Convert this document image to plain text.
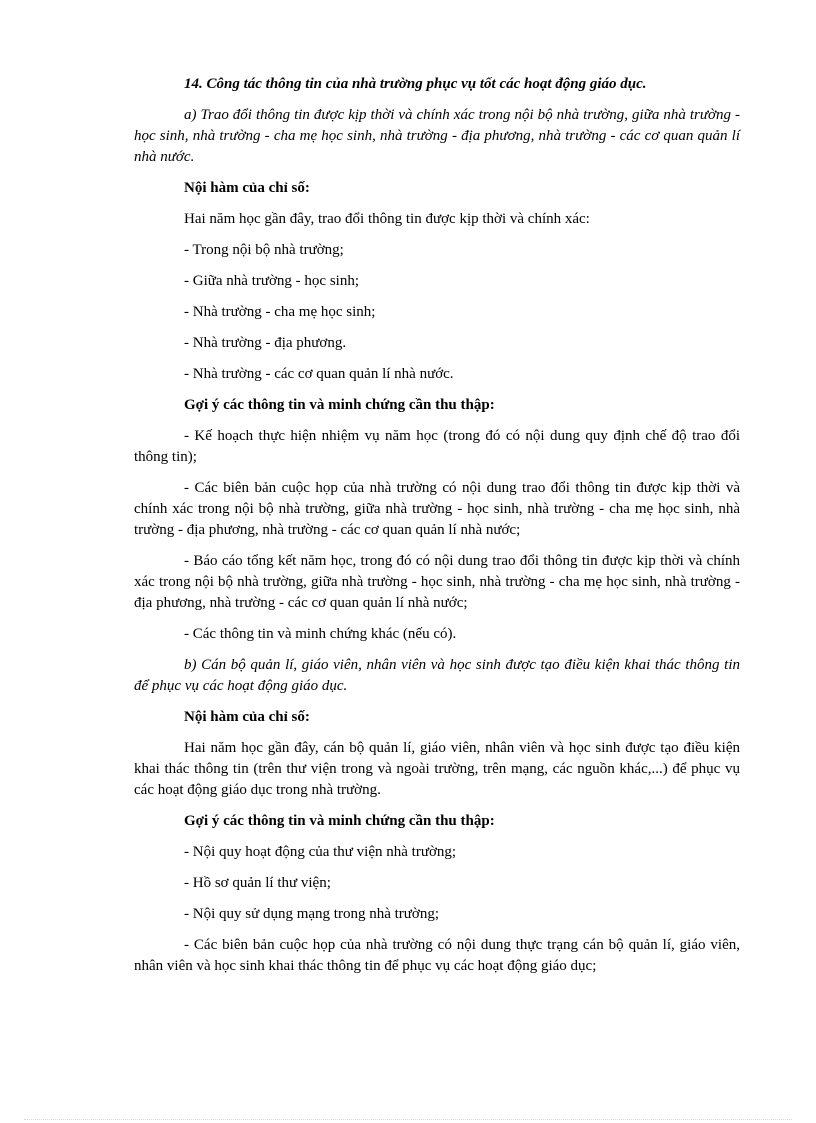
14. Công tác thông tin của nhà trường phục vụ tốt các hoạt động giáo dục.

a) Trao đổi thông tin được kịp thời và chính xác trong nội bộ nhà trường, giữa nhà trường - học sinh, nhà trường - cha mẹ học sinh, nhà trường - địa phương, nhà trường - các cơ quan quản lí nhà nước.

Nội hàm của chỉ số:

Hai năm học gần đây, trao đổi thông tin được kịp thời và chính xác:

- Trong nội bộ nhà trường;

- Giữa nhà trường - học sinh;

- Nhà trường - cha mẹ học sinh;

- Nhà trường - địa phương.

- Nhà trường - các cơ quan quản lí nhà nước.

Gợi ý các thông tin và minh chứng cần thu thập:

- Kế hoạch thực hiện nhiệm vụ năm học (trong đó có nội dung quy định chế độ trao đổi thông tin);

- Các biên bản cuộc họp của nhà trường có nội dung trao đổi thông tin được kịp thời và chính xác trong nội bộ nhà trường, giữa nhà trường - học sinh, nhà trường - cha mẹ học sinh, nhà trường - địa phương, nhà trường - các cơ quan quản lí nhà nước;

- Báo cáo tổng kết năm học, trong đó có nội dung trao đổi thông tin được kịp thời và chính xác trong nội bộ nhà trường, giữa nhà trường - học sinh, nhà trường - cha mẹ học sinh, nhà trường - địa phương, nhà trường - các cơ quan quản lí nhà nước;

- Các thông tin và minh chứng khác (nếu có).

b) Cán bộ quản lí, giáo viên, nhân viên và học sinh được tạo điều kiện khai thác thông tin để phục vụ các hoạt động giáo dục.

Nội hàm của chỉ số:

Hai năm học gần đây, cán bộ quản lí, giáo viên, nhân viên và học sinh được tạo điều kiện khai thác thông tin (trên thư viện trong và ngoài trường, trên mạng, các nguồn khác,...) để phục vụ các hoạt động giáo dục trong nhà trường.

Gợi ý các thông tin và minh chứng cần thu thập:

- Nội quy hoạt động của thư viện nhà trường;

- Hồ sơ quản lí thư viện;

- Nội quy sử dụng mạng trong nhà trường;

- Các biên bản cuộc họp của nhà trường có nội dung thực trạng cán bộ quản lí, giáo viên, nhân viên và học sinh khai thác thông tin để phục vụ các hoạt động giáo dục;
